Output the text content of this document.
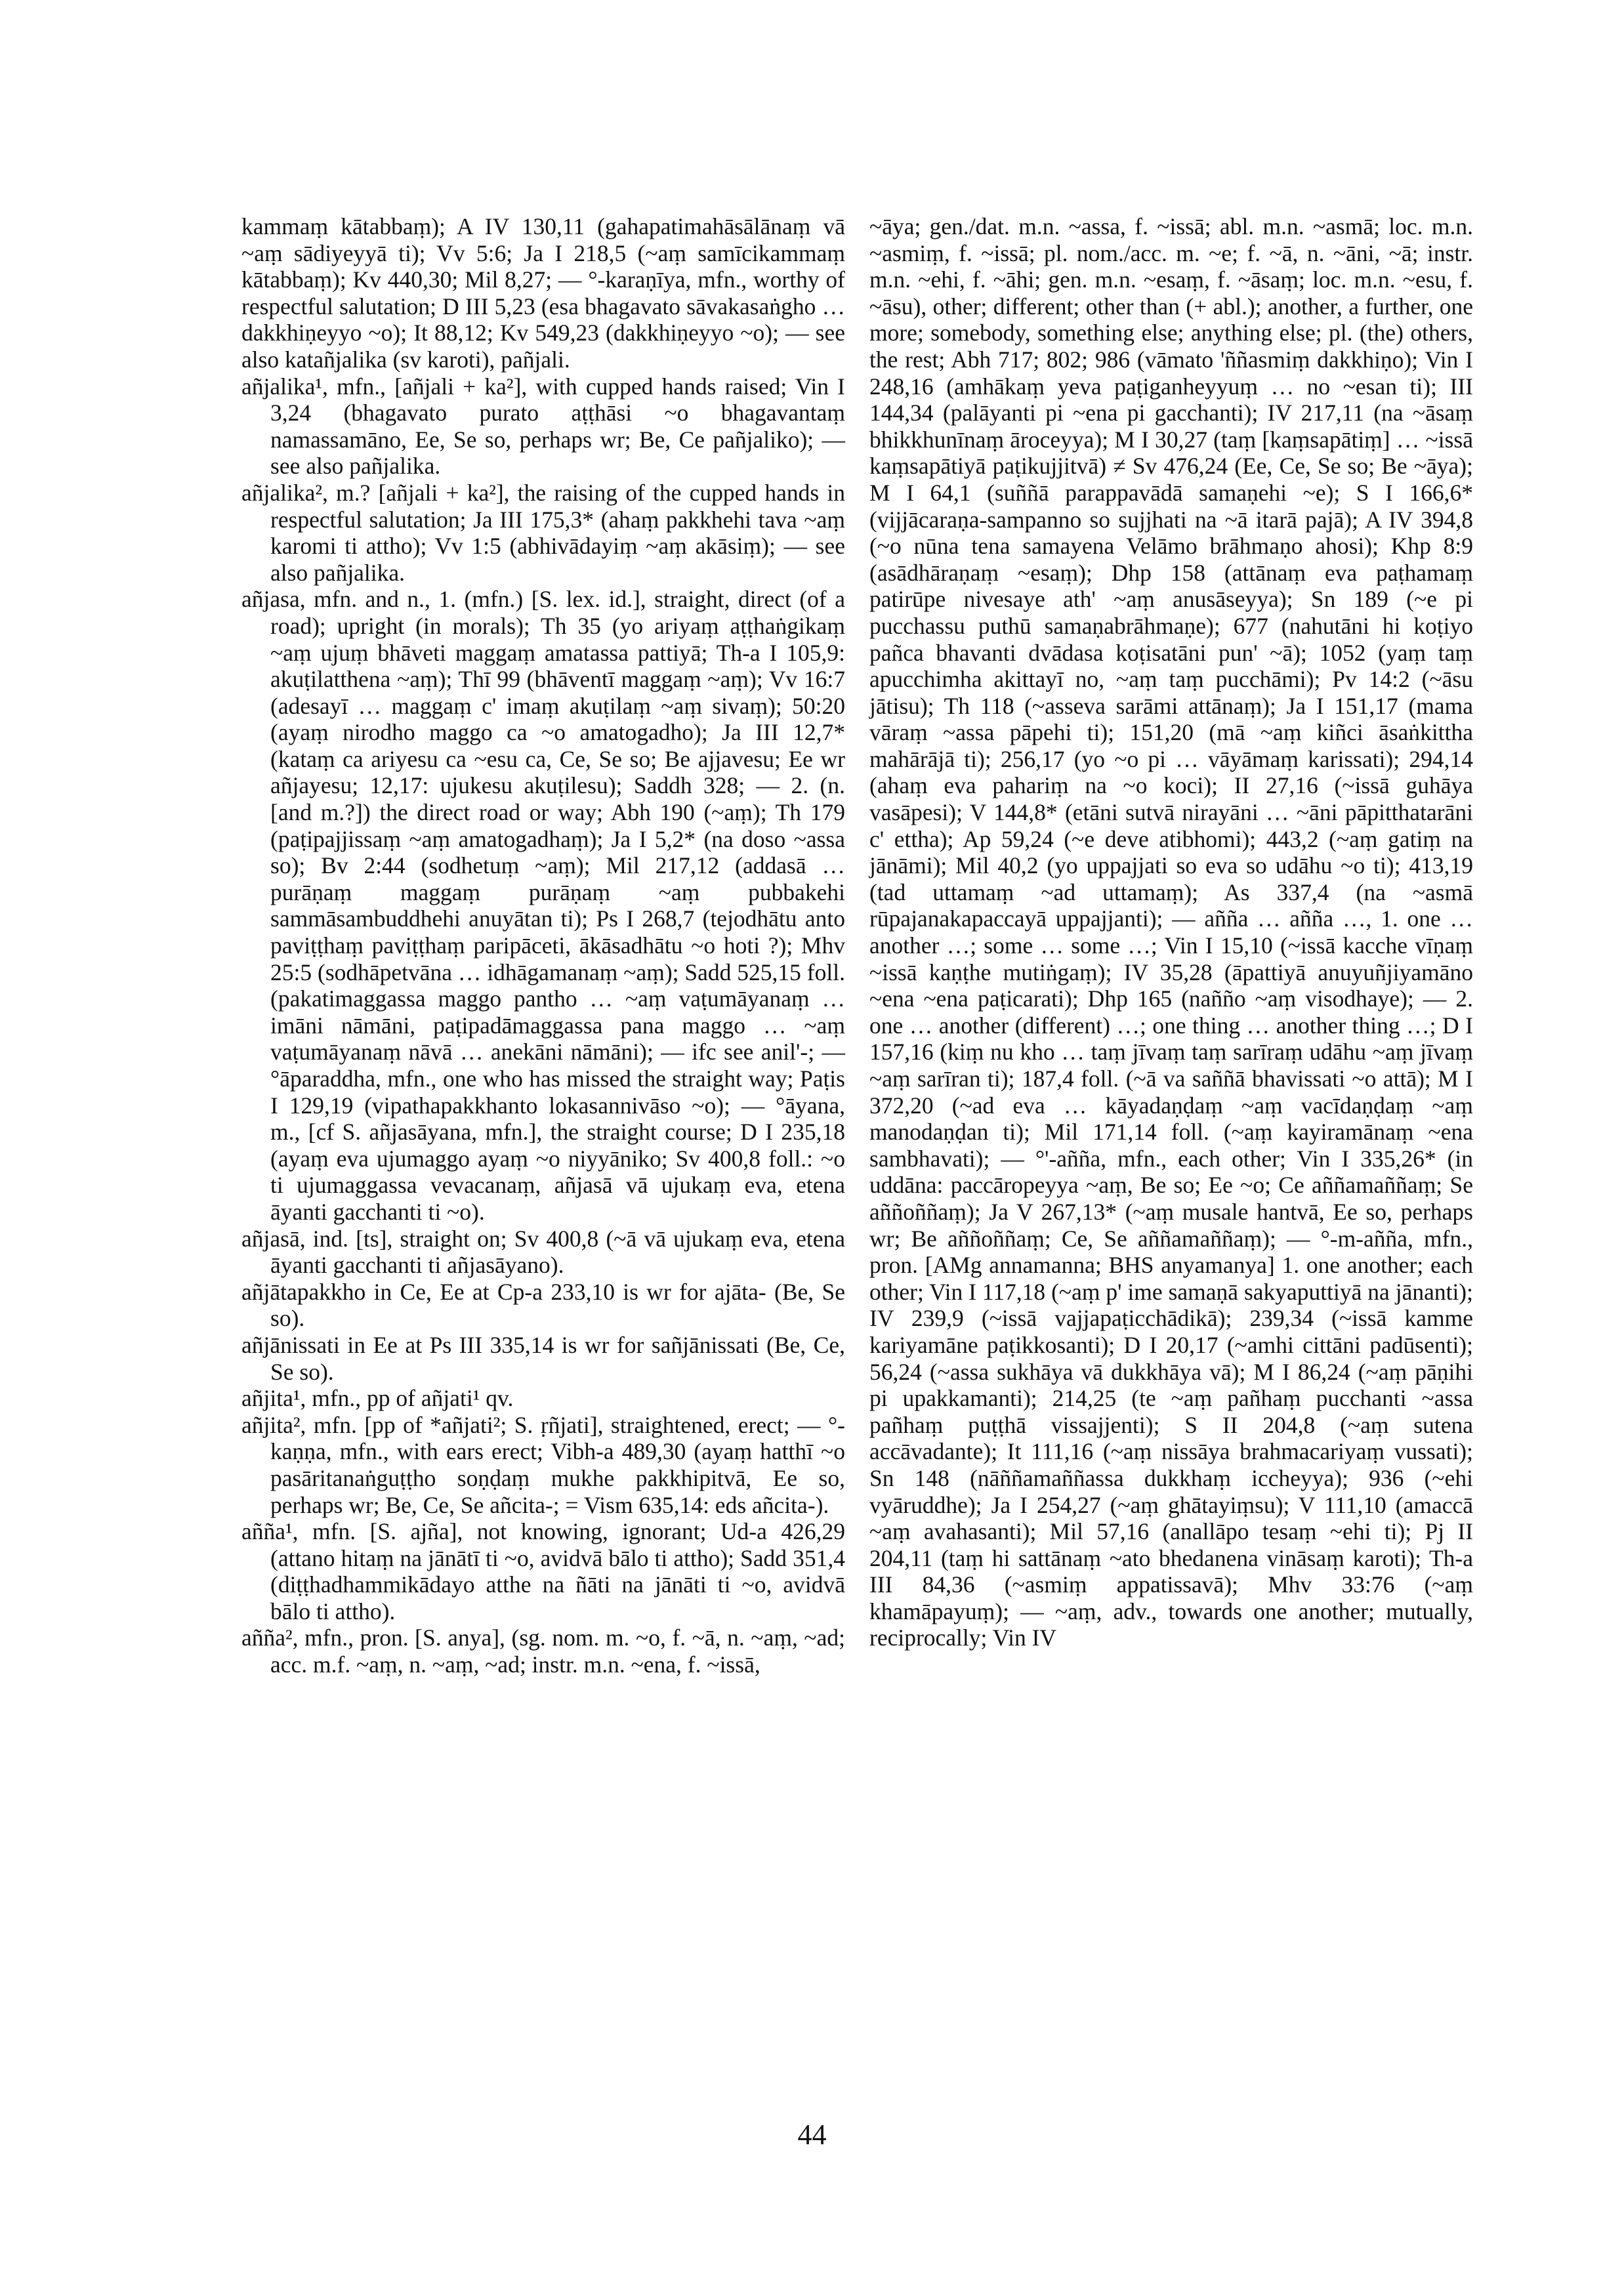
kammaṃ kātabbaṃ); A IV 130,11 (gahapatimahāsālānaṃ vā ~aṃ sādiyeyyā ti); Vv 5:6; Ja I 218,5 (~aṃ samīcikammaṃ kātabbaṃ); Kv 440,30; Mil 8,27; — °-karaṇīya, mfn., worthy of respectful salutation; D III 5,23 (esa bhagavato sāvakasaṅgho … dakkhiṇeyyo ~o); It 88,12; Kv 549,23 (dakkhiṇeyyo ~o); — see also katañjalika (sv karoti), pañjali.

añjalika¹, mfn., [añjali + ka²], with cupped hands raised; Vin I 3,24 (bhagavato purato aṭṭhāsi ~o bhagavantaṃ namassamāno, Ee, Se so, perhaps wr; Be, Ce pañjaliko); — see also pañjalika.

añjalika², m.? [añjali + ka²], the raising of the cupped hands in respectful salutation; Ja III 175,3* (ahaṃ pakkhehi tava ~aṃ karomi ti attho); Vv 1:5 (abhivādayiṃ ~aṃ akāsiṃ); — see also pañjalika.

añjasa, mfn. and n., 1. (mfn.) [S. lex. id.], straight, direct (of a road); upright (in morals); Th 35 (yo ariyaṃ aṭṭhaṅgikaṃ ~aṃ ujuṃ bhāveti maggaṃ amatassa pattiyā; Th-a I 105,9: akuṭilatthena ~aṃ); Thī 99 (bhāventī maggaṃ ~aṃ); Vv 16:7 (adesayī … maggaṃ c' imaṃ akuṭilaṃ ~aṃ sivaṃ); 50:20 (ayaṃ nirodho maggo ca ~o amatogadho); Ja III 12,7* (kataṃ ca ariyesu ca ~esu ca, Ce, Se so; Be ajjavesu; Ee wr añjayesu; 12,17: ujukesu akuṭilesu); Saddh 328; — 2. (n. [and m.?]) the direct road or way; Abh 190 (~aṃ); Th 179 (paṭipajjissaṃ ~aṃ amatogadhaṃ); Ja I 5,2* (na doso ~assa so); Bv 2:44 (sodhetuṃ ~aṃ); Mil 217,12 (addasā … purāṇaṃ maggaṃ purāṇaṃ ~aṃ pubbakehi sammāsambuddhehi anuyātan ti); Ps I 268,7 (tejodhātu anto paviṭṭhaṃ paviṭṭhaṃ paripāceti, ākāsadhātu ~o hoti ?); Mhv 25:5 (sodhāpetvāna … idhāgamanaṃ ~aṃ); Sadd 525,15 foll. (pakatimaggassa maggo pantho … ~aṃ vaṭumāyanaṃ … imāni nāmāni, paṭipadāmaggassa pana maggo … ~aṃ vaṭumāyanaṃ nāvā … anekāni nāmāni); — ifc see anil'-; — °āparaddha, mfn., one who has missed the straight way; Paṭis I 129,19 (vipathapakkhanto lokasannivāso ~o); — °āyana, m., [cf S. añjasāyana, mfn.], the straight course; D I 235,18 (ayaṃ eva ujumaggo ayaṃ ~o niyyāniko; Sv 400,8 foll.: ~o ti ujumaggassa vevacanaṃ, añjasā vā ujukaṃ eva, etena āyanti gacchanti ti ~o).

añjasā, ind. [ts], straight on; Sv 400,8 (~ā vā ujukaṃ eva, etena āyanti gacchanti ti añjasāyano).

añjātapakkho in Ce, Ee at Cp-a 233,10 is wr for ajāta- (Be, Se so).

añjānissati in Ee at Ps III 335,14 is wr for sañjānissati (Be, Ce, Se so).

añjita¹, mfn., pp of añjati¹ qv.

añjita², mfn. [pp of *añjati²; S. ṛñjati], straightened, erect; — °-kaṇṇa, mfn., with ears erect; Vibh-a 489,30 (ayaṃ hatthī ~o pasāritanaṅguṭṭho soṇḍaṃ mukhe pakkhipitvā, Ee so, perhaps wr; Be, Ce, Se añcita-; = Vism 635,14: eds añcita-).

añña¹, mfn. [S. ajña], not knowing, ignorant; Ud-a 426,29 (attano hitaṃ na jānātī ti ~o, avidvā bālo ti attho); Sadd 351,4 (diṭṭhadhammikādayo atthe na ñāti na jānāti ti ~o, avidvā bālo ti attho).

añña², mfn., pron. [S. anya], (sg. nom. m. ~o, f. ~ā, n. ~aṃ, ~ad; acc. m.f. ~aṃ, n. ~aṃ, ~ad; instr. m.n. ~ena, f. ~issā,

~āya; gen./dat. m.n. ~assa, f. ~issā; abl. m.n. ~asmā; loc. m.n. ~asmiṃ, f. ~issā; pl. nom./acc. m. ~e; f. ~ā, n. ~āni, ~ā; instr. m.n. ~ehi, f. ~āhi; gen. m.n. ~esaṃ, f. ~āsaṃ; loc. m.n. ~esu, f. ~āsu), other; different; other than (+ abl.); another, a further, one more; somebody, something else; anything else; pl. (the) others, the rest; Abh 717; 802; 986 (vāmato 'ññasmiṃ dakkhiṇo); Vin I 248,16 (amhākaṃ yeva paṭiganheyyuṃ … no ~esan ti); III 144,34 (palāyanti pi ~ena pi gacchanti); IV 217,11 (na ~āsaṃ bhikkhunīnaṃ āroceyya); M I 30,27 (taṃ [kaṃsapātiṃ] … ~issā kaṃsapātiyā paṭikujjitvā) ≠ Sv 476,24 (Ee, Ce, Se so; Be ~āya); M I 64,1 (suññā parappavādā samaṇehi ~e); S I 166,6* (vijjācaraṇa-sampanno so sujjhati na ~ā itarā pajā); A IV 394,8 (~o nūna tena samayena Velāmo brāhmaṇo ahosi); Khp 8:9 (asādhāraṇaṃ ~esaṃ); Dhp 158 (attānaṃ eva paṭhamaṃ patirūpe nivesaye ath' ~aṃ anusāseyya); Sn 189 (~e pi pucchassu puthū samaṇabrāhmaṇe); 677 (nahutāni hi koṭiyo pañca bhavanti dvādasa koṭisatāni pun' ~ā); 1052 (yaṃ taṃ apucchimha akittayī no, ~aṃ taṃ pucchāmi); Pv 14:2 (~āsu jātisu); Th 118 (~asseva sarāmi attānaṃ); Ja I 151,17 (mama vāraṃ ~assa pāpehi ti); 151,20 (mā ~aṃ kiñci āsaṅkittha mahārājā ti); 256,17 (yo ~o pi … vāyāmaṃ karissati); 294,14 (ahaṃ eva pahariṃ na ~o koci); II 27,16 (~issā guhāya vasāpesi); V 144,8* (etāni sutvā nirayāni … ~āni pāpitthatarāni c' ettha); Ap 59,24 (~e deve atibhomi); 443,2 (~aṃ gatiṃ na jānāmi); Mil 40,2 (yo uppajjati so eva so udāhu ~o ti); 413,19 (tad uttamaṃ ~ad uttamaṃ); As 337,4 (na ~asmā rūpajanakapaccayā uppajjanti); — añña … añña …, 1. one … another …; some … some …; Vin I 15,10 (~issā kacche vīṇaṃ ~issā kaṇṭhe mutiṅgaṃ); IV 35,28 (āpattiyā anuyuñjiyamāno ~ena ~ena paṭicarati); Dhp 165 (nañño ~aṃ visodhaye); — 2. one … another (different) …; one thing … another thing …; D I 157,16 (kiṃ nu kho … taṃ jīvaṃ taṃ sarīraṃ udāhu ~aṃ jīvaṃ ~aṃ sarīran ti); 187,4 foll. (~ā va saññā bhavissati ~o attā); M I 372,20 (~ad eva … kāyadaṇḍaṃ ~aṃ vacīdaṇḍaṃ ~aṃ manodaṇḍan ti); Mil 171,14 foll. (~aṃ kayiramānaṃ ~ena sambhavati); — °'-añña, mfn., each other; Vin I 335,26* (in uddāna: paccāropeyya ~aṃ, Be so; Ee ~o; Ce aññamaññaṃ; Se aññoññaṃ); Ja V 267,13* (~aṃ musale hantvā, Ee so, perhaps wr; Be aññoññaṃ; Ce, Se aññamaññaṃ); — °-m-añña, mfn., pron. [AMg annamanna; BHS anyamanya] 1. one another; each other; Vin I 117,18 (~aṃ p' ime samaṇā sakyaputtiyā na jānanti); IV 239,9 (~issā vajjapaṭicchādikā); 239,34 (~issā kamme kariyamāne paṭikkosanti); D I 20,17 (~amhi cittāni padūsenti); 56,24 (~assa sukhāya vā dukkhāya vā); M I 86,24 (~aṃ pāṇihi pi upakkamanti); 214,25 (te ~aṃ pañhaṃ pucchanti ~assa pañhaṃ puṭṭhā vissajjenti); S II 204,8 (~aṃ sutena accāvadante); It 111,16 (~aṃ nissāya brahmacariyaṃ vussati); Sn 148 (nāññamaññassa dukkhaṃ iccheyya); 936 (~ehi vyāruddhe); Ja I 254,27 (~aṃ ghātayiṃsu); V 111,10 (amaccā ~aṃ avahasanti); Mil 57,16 (anallāpo tesaṃ ~ehi ti); Pj II 204,11 (taṃ hi sattānaṃ ~ato bhedanena vināsaṃ karoti); Th-a III 84,36 (~asmiṃ appatissavā); Mhv 33:76 (~aṃ khamāpayuṃ); — ~aṃ, adv., towards one another; mutually, reciprocally; Vin IV

44
